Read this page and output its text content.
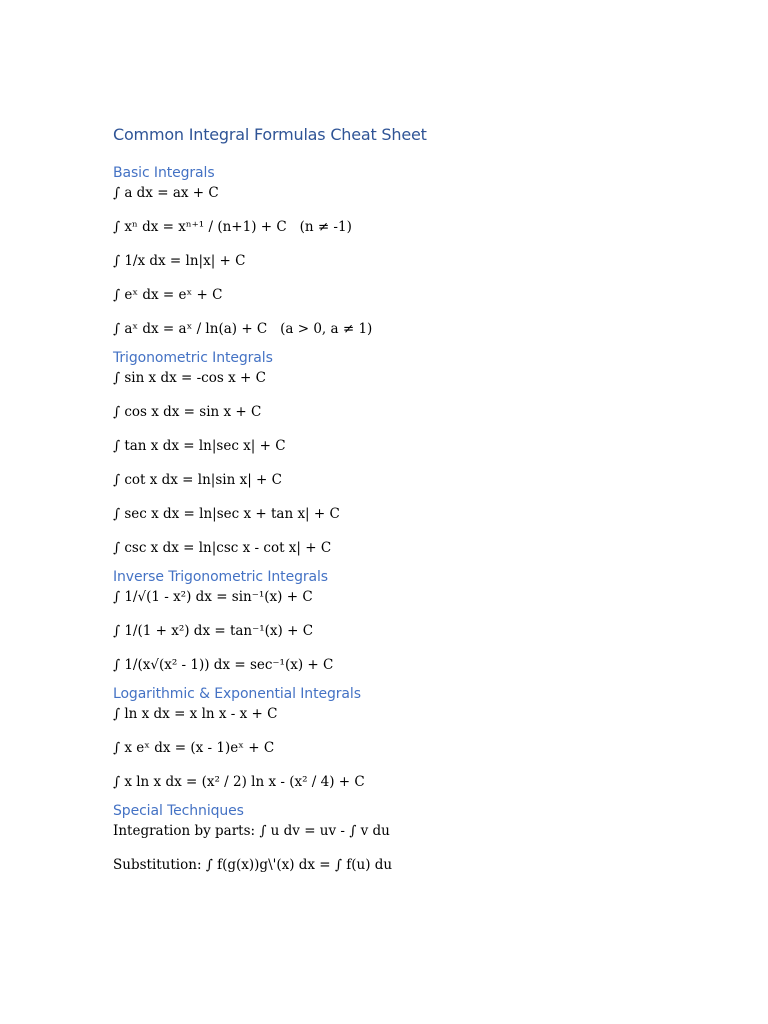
Common Integral Formulas Cheat Sheet
Basic Integrals

∫ a dx = ax + C

∫ xⁿ dx = xⁿ⁺¹ / (n+1) + C   (n ≠ -1)

∫ 1/x dx = ln|x| + C

∫ eˣ dx = eˣ + C

∫ aˣ dx = aˣ / ln(a) + C   (a > 0, a ≠ 1)

Trigonometric Integrals

∫ sin x dx = -cos x + C

∫ cos x dx = sin x + C

∫ tan x dx = ln|sec x| + C

∫ cot x dx = ln|sin x| + C

∫ sec x dx = ln|sec x + tan x| + C

∫ csc x dx = ln|csc x - cot x| + C

Inverse Trigonometric Integrals

∫ 1/√(1 - x²) dx = sin⁻¹(x) + C

∫ 1/(1 + x²) dx = tan⁻¹(x) + C

∫ 1/(x√(x² - 1)) dx = sec⁻¹(x) + C

Logarithmic & Exponential Integrals

∫ ln x dx = x ln x - x + C

∫ x eˣ dx = (x - 1)eˣ + C

∫ x ln x dx = (x² / 2) ln x - (x² / 4) + C

Special Techniques

Integration by parts: ∫ u dv = uv - ∫ v du

Substitution: ∫ f(g(x))g\'(x) dx = ∫ f(u) du
